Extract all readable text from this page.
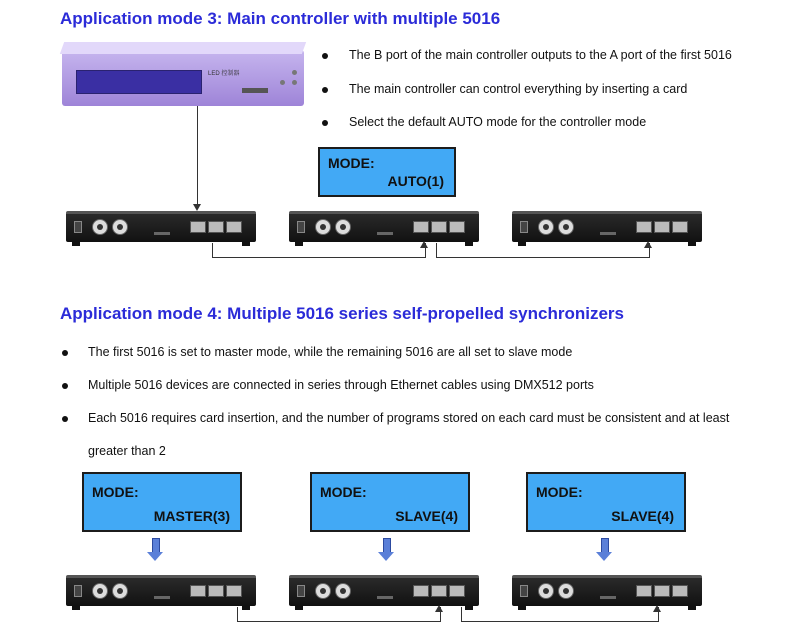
Application mode 3: Main controller with multiple 5016
LED 控制器
The B port of the main controller outputs to the A port of the first 5016
The main controller can control everything by inserting a card
Select the default AUTO mode for the controller mode
MODE:
AUTO(1)
Application mode 4: Multiple 5016 series self-propelled synchronizers
The first 5016 is set to master mode, while the remaining 5016 are all set to slave mode
Multiple 5016 devices are connected in series through Ethernet cables using DMX512 ports
Each 5016 requires card insertion, and the number of programs stored on each card must be consistent and at least
greater than 2
MODE:
MASTER(3)
MODE:
SLAVE(4)
MODE:
SLAVE(4)
